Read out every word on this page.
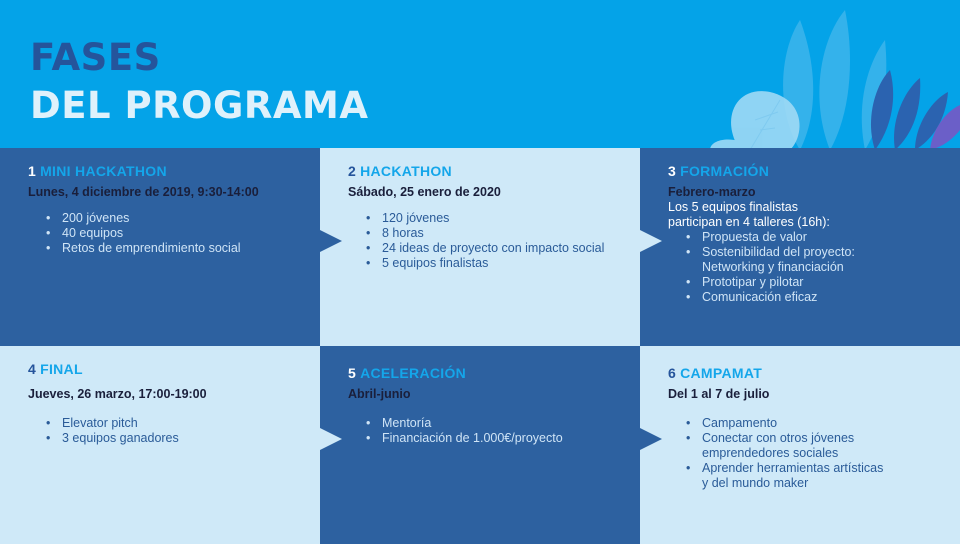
FASES
DEL PROGRAMA

1 MINI HACKATHON

Lunes, 4 diciembre de 2019, 9:30-14:00
• 200 jóvenes
• 40 equipos
• Retos de emprendimiento social

2 HACKATHON

Sábado, 25 enero de 2020
• 120 jóvenes
• 8 horas
• 24 ideas de proyecto con impacto social
• 5 equipos finalistas

3 FORMACIÓN

Febrero-marzo
Los 5 equipos finalistas
participan en 4 talleres (16h):
• Propuesta de valor
• Sostenibilidad del proyecto:
Networking y financiación
• Prototipar y pilotar
• Comunicación eficaz

4 FINAL

Jueves, 26 marzo, 17:00-19:00
• Elevator pitch
• 3 equipos ganadores

5 ACELERACIÓN

Abril-junio
• Mentoría
• Financiación de 1.000€/proyecto

6 CAMPAMAT

Del 1 al 7 de julio
• Campamento
• Conectar con otros jóvenes
emprendedores sociales
• Aprender herramientas artísticas
y del mundo maker
